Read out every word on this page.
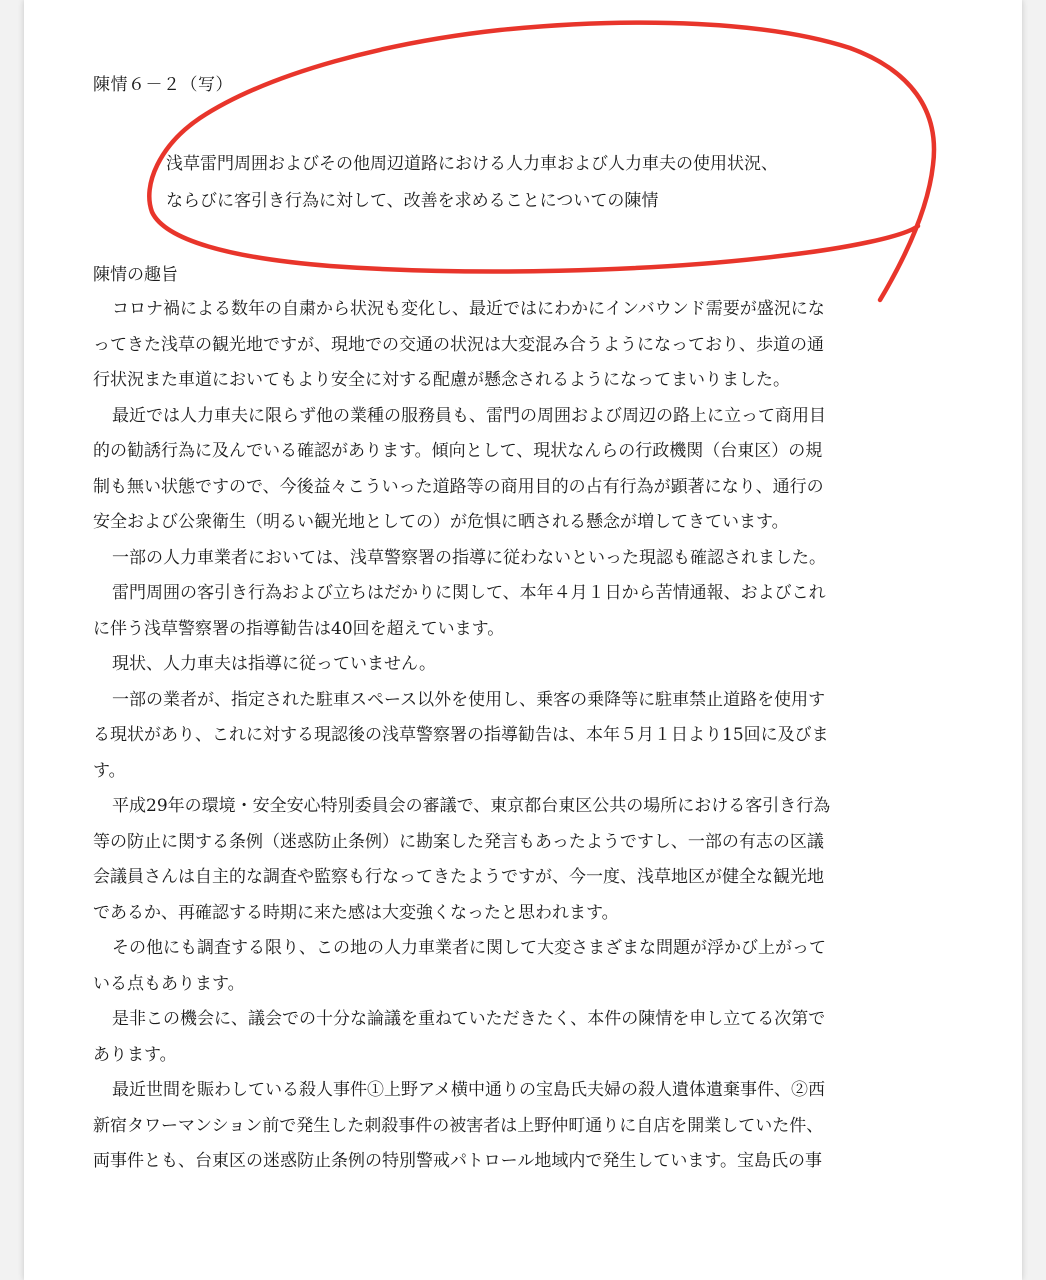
陳情６－２（写）
浅草雷門周囲およびその他周辺道路における人力車および人力車夫の使用状況、
ならびに客引き行為に対して、改善を求めることについての陳情
陳情の趣旨
コロナ禍による数年の自粛から状況も変化し、最近ではにわかにインバウンド需要が盛況にな
ってきた浅草の観光地ですが、現地での交通の状況は大変混み合うようになっており、歩道の通
行状況また車道においてもより安全に対する配慮が懸念されるようになってまいりました。
最近では人力車夫に限らず他の業種の服務員も、雷門の周囲および周辺の路上に立って商用目
的の勧誘行為に及んでいる確認があります。傾向として、現状なんらの行政機関（台東区）の規
制も無い状態ですので、今後益々こういった道路等の商用目的の占有行為が顕著になり、通行の
安全および公衆衛生（明るい観光地としての）が危惧に晒される懸念が増してきています。
一部の人力車業者においては、浅草警察署の指導に従わないといった現認も確認されました。
雷門周囲の客引き行為および立ちはだかりに関して、本年４月１日から苦情通報、およびこれ
に伴う浅草警察署の指導勧告は40回を超えています。
現状、人力車夫は指導に従っていません。
一部の業者が、指定された駐車スペース以外を使用し、乗客の乗降等に駐車禁止道路を使用す
る現状があり、これに対する現認後の浅草警察署の指導勧告は、本年５月１日より15回に及びま
す。
平成29年の環境・安全安心特別委員会の審議で、東京都台東区公共の場所における客引き行為
等の防止に関する条例（迷惑防止条例）に勘案した発言もあったようですし、一部の有志の区議
会議員さんは自主的な調査や監察も行なってきたようですが、今一度、浅草地区が健全な観光地
であるか、再確認する時期に来た感は大変強くなったと思われます。
その他にも調査する限り、この地の人力車業者に関して大変さまざまな問題が浮かび上がって
いる点もあります。
是非この機会に、議会での十分な論議を重ねていただきたく、本件の陳情を申し立てる次第で
あります。
最近世間を賑わしている殺人事件①上野アメ横中通りの宝島氏夫婦の殺人遺体遺棄事件、②西
新宿タワーマンション前で発生した刺殺事件の被害者は上野仲町通りに自店を開業していた件、
両事件とも、台東区の迷惑防止条例の特別警戒パトロール地域内で発生しています。宝島氏の事
